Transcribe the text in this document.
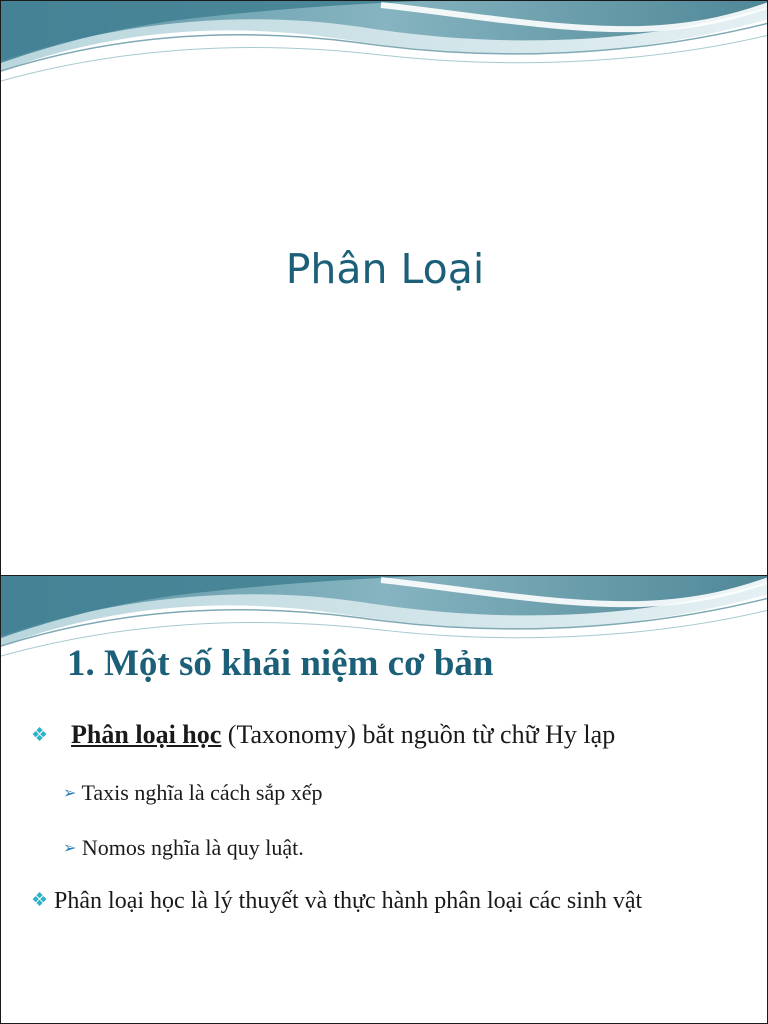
Phân Loại
1. Một số khái niệm cơ bản
❖ Phân loại học (Taxonomy) bắt nguồn từ chữ Hy lạp
➢ Taxis nghĩa là cách sắp xếp
➢ Nomos nghĩa là quy luật.
❖ Phân loại học là lý thuyết và thực hành phân loại các sinh vật
